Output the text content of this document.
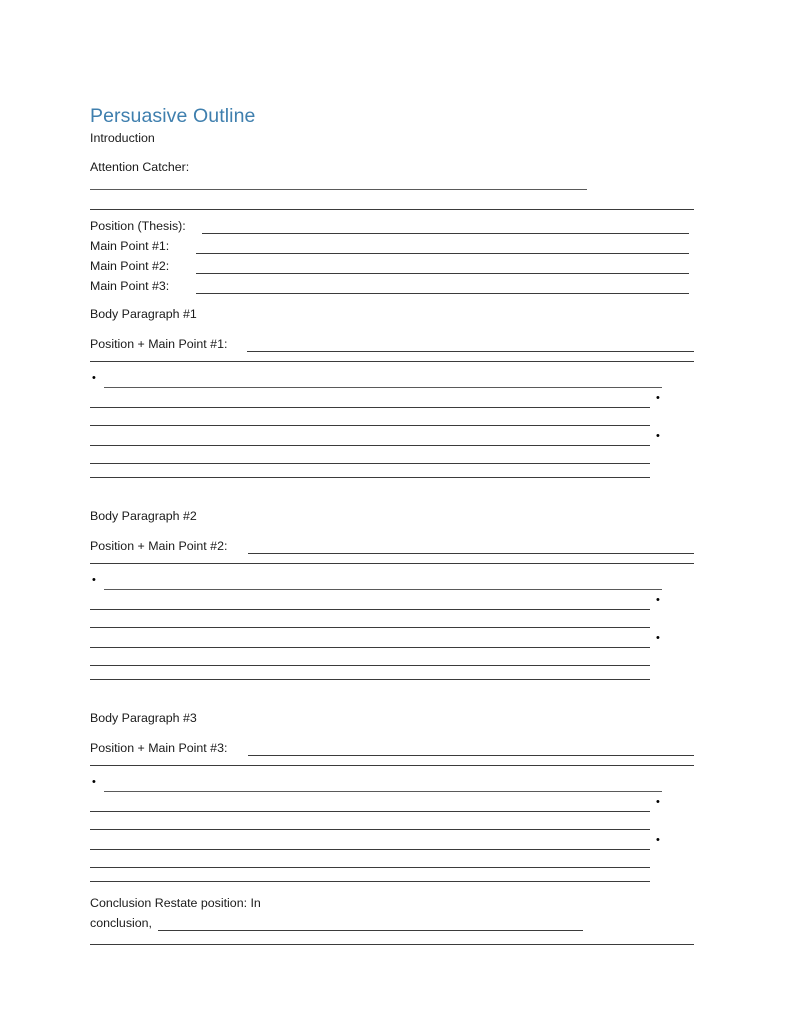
Persuasive Outline
Introduction
Attention Catcher:
Position (Thesis):
Main Point #1:
Main Point #2:
Main Point #3:
Body Paragraph #1
Position + Main Point #1:
•
•
•
Body Paragraph #2
Position + Main Point #2:
•
•
•
Body Paragraph #3
Position + Main Point #3:
•
•
•
Conclusion Restate position: In
conclusion,
